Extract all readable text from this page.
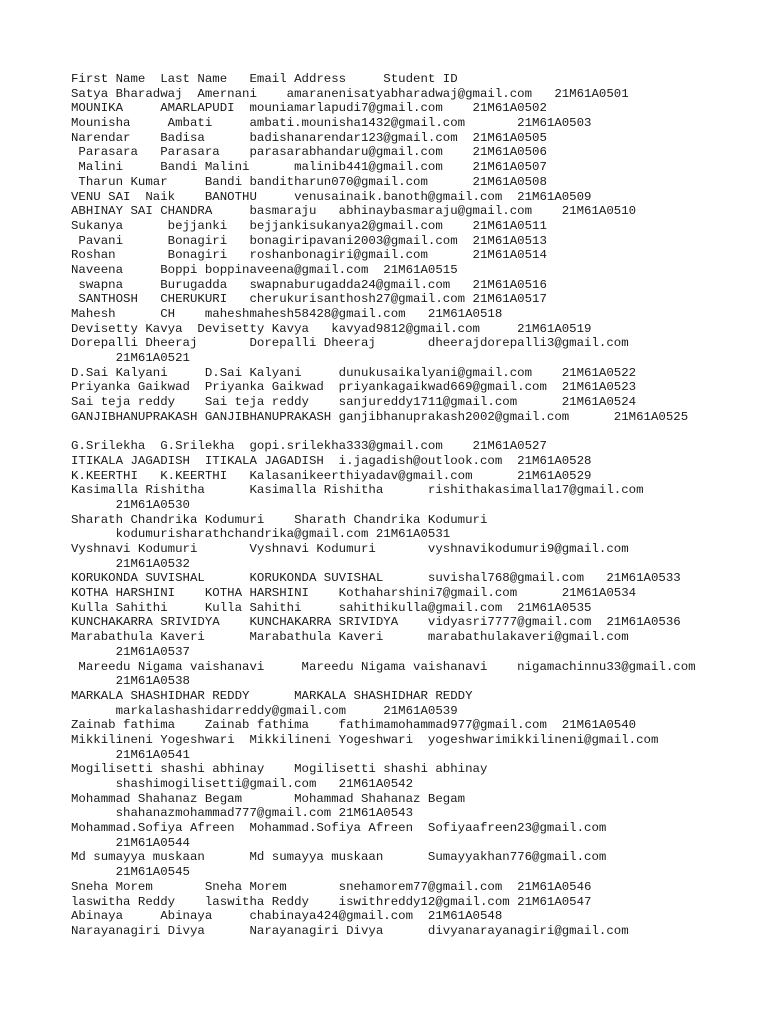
First Name  Last Name   Email Address     Student ID
Satya Bharadwaj  Amernani    amaranenisatyabharadwaj@gmail.com   21M61A0501
MOUNIKA     AMARLAPUDI  mouniamarlapudi7@gmail.com    21M61A0502
Mounisha     Ambati     ambati.mounisha1432@gmail.com       21M61A0503
Narendar    Badisa      badishanarendar123@gmail.com  21M61A0505
Parasara   Parasara    parasarabhandaru@gmail.com    21M61A0506
Malini     Bandi Malini      malinib441@gmail.com    21M61A0507
Tharun Kumar     Bandi banditharun070@gmail.com      21M61A0508
VENU SAI  Naik    BANOTHU     venusainaik.banoth@gmail.com  21M61A0509
ABHINAY SAI CHANDRA     basmaraju   abhinaybasmaraju@gmail.com    21M61A0510
Sukanya      bejjanki   bejjankisukanya2@gmail.com    21M61A0511
Pavani      Bonagiri   bonagiripavani2003@gmail.com  21M61A0513
Roshan       Bonagiri   roshanbonagiri@gmail.com      21M61A0514
Naveena     Boppi boppinaveena@gmail.com  21M61A0515
swapna     Burugadda   swapnaburugadda24@gmail.com   21M61A0516
SANTHOSH   CHERUKURI   cherukurisanthosh27@gmail.com 21M61A0517
Mahesh      CH    maheshmahesh58428@gmail.com   21M61A0518
Devisetty Kavya  Devisetty Kavya   kavyad9812@gmail.com     21M61A0519
Dorepalli Dheeraj       Dorepalli Dheeraj       dheerajdorepalli3@gmail.com
21M61A0521
D.Sai Kalyani     D.Sai Kalyani     dunukusaikalyani@gmail.com    21M61A0522
Priyanka Gaikwad  Priyanka Gaikwad  priyankagaikwad669@gmail.com  21M61A0523
Sai teja reddy    Sai teja reddy    sanjureddy1711@gmail.com      21M61A0524
GANJIBHANUPRAKASH GANJIBHANUPRAKASH ganjibhanuprakash2002@gmail.com      21M61A0525
G.Srilekha  G.Srilekha  gopi.srilekha333@gmail.com    21M61A0527
ITIKALA JAGADISH  ITIKALA JAGADISH  i.jagadish@outlook.com  21M61A0528
K.KEERTHI   K.KEERTHI   Kalasanikeerthiyadav@gmail.com      21M61A0529
Kasimalla Rishitha      Kasimalla Rishitha      rishithakasimalla17@gmail.com
21M61A0530
Sharath Chandrika Kodumuri    Sharath Chandrika Kodumuri
kodumurisharathchandrika@gmail.com 21M61A0531
Vyshnavi Kodumuri       Vyshnavi Kodumuri       vyshnavikodumuri9@gmail.com
21M61A0532
KORUKONDA SUVISHAL      KORUKONDA SUVISHAL      suvishal768@gmail.com   21M61A0533
KOTHA HARSHINI    KOTHA HARSHINI    Kothaharshini7@gmail.com      21M61A0534
Kulla Sahithi     Kulla Sahithi     sahithikulla@gmail.com  21M61A0535
KUNCHAKARRA SRIVIDYA    KUNCHAKARRA SRIVIDYA    vidyasri7777@gmail.com  21M61A0536
Marabathula Kaveri      Marabathula Kaveri      marabathulakaveri@gmail.com
21M61A0537
Mareedu Nigama vaishanavi     Mareedu Nigama vaishanavi    nigamachinnu33@gmail.com
21M61A0538
MARKALA SHASHIDHAR REDDY      MARKALA SHASHIDHAR REDDY
markalashashidarreddy@gmail.com     21M61A0539
Zainab fathima    Zainab fathima    fathimamohammad977@gmail.com  21M61A0540
Mikkilineni Yogeshwari  Mikkilineni Yogeshwari  yogeshwarimikkilineni@gmail.com
21M61A0541
Mogilisetti shashi abhinay    Mogilisetti shashi abhinay
shashimogilisetti@gmail.com   21M61A0542
Mohammad Shahanaz Begam       Mohammad Shahanaz Begam
shahanazmohammad777@gmail.com 21M61A0543
Mohammad.Sofiya Afreen  Mohammad.Sofiya Afreen  Sofiyaafreen23@gmail.com
21M61A0544
Md sumayya muskaan      Md sumayya muskaan      Sumayyakhan776@gmail.com
21M61A0545
Sneha Morem       Sneha Morem       snehamorem77@gmail.com  21M61A0546
laswitha Reddy    laswitha Reddy    iswithreddy12@gmail.com 21M61A0547
Abinaya     Abinaya     chabinaya424@gmail.com  21M61A0548
Narayanagiri Divya      Narayanagiri Divya      divyanarayanagiri@gmail.com
